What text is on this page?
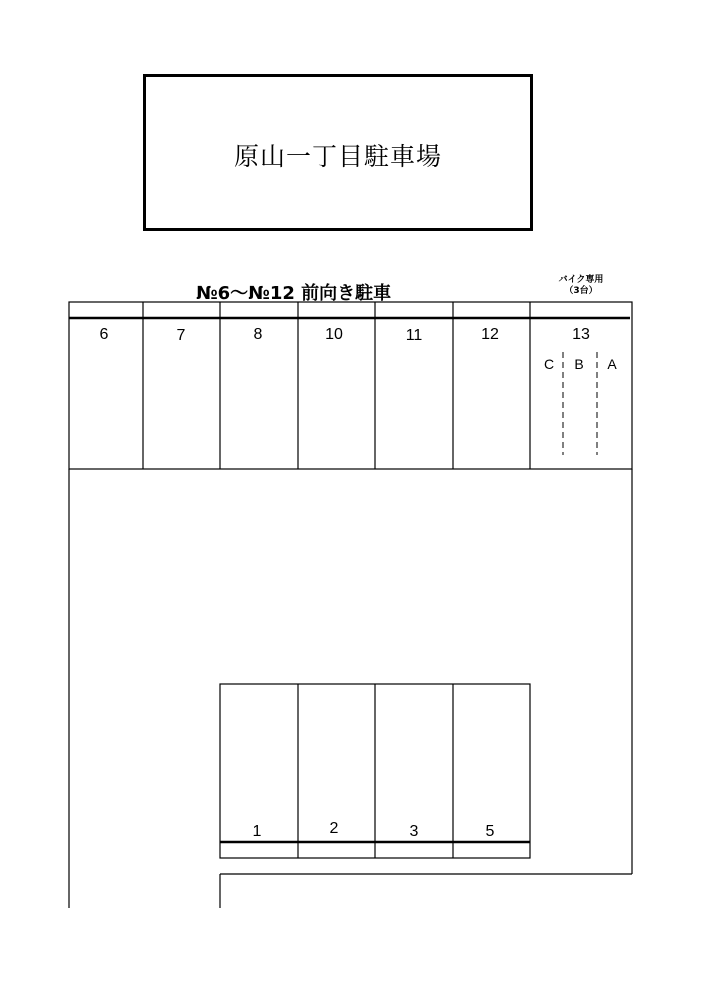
原山一丁目駐車場
№6～№12 前向き駐車
バイク専用
（3台）
6	7	8	10	11	12	13
C B A
1	2	3	5
